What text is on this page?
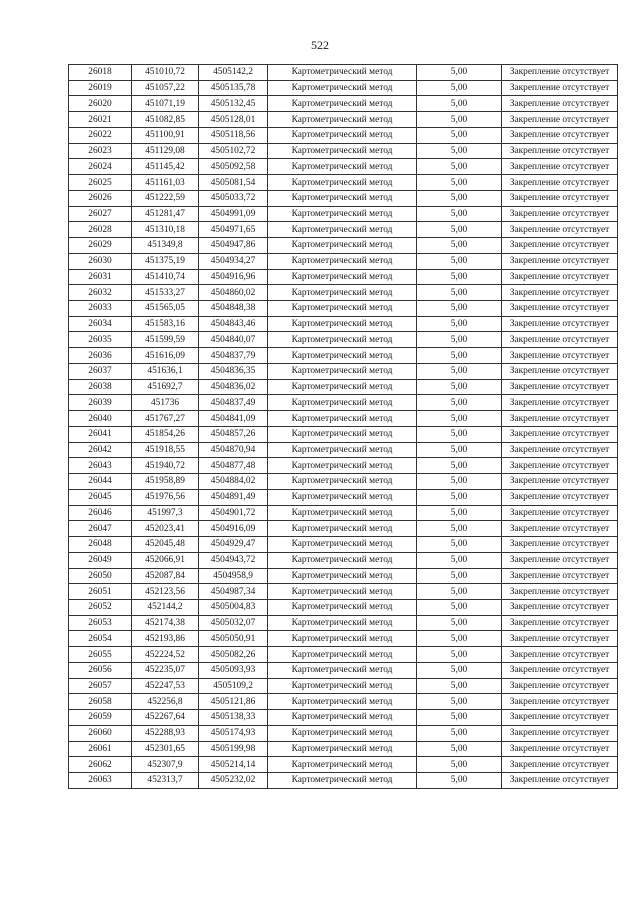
522
26018	451010,72	4505142,2	Картометрический метод	5,00	Закрепление отсутствует
26019	451057,22	4505135,78	Картометрический метод	5,00	Закрепление отсутствует
26020	451071,19	4505132,45	Картометрический метод	5,00	Закрепление отсутствует
26021	451082,85	4505128,01	Картометрический метод	5,00	Закрепление отсутствует
26022	451100,91	4505118,56	Картометрический метод	5,00	Закрепление отсутствует
26023	451129,08	4505102,72	Картометрический метод	5,00	Закрепление отсутствует
26024	451145,42	4505092,58	Картометрический метод	5,00	Закрепление отсутствует
26025	451161,03	4505081,54	Картометрический метод	5,00	Закрепление отсутствует
26026	451222,59	4505033,72	Картометрический метод	5,00	Закрепление отсутствует
26027	451281,47	4504991,09	Картометрический метод	5,00	Закрепление отсутствует
26028	451310,18	4504971,65	Картометрический метод	5,00	Закрепление отсутствует
26029	451349,8	4504947,86	Картометрический метод	5,00	Закрепление отсутствует
26030	451375,19	4504934,27	Картометрический метод	5,00	Закрепление отсутствует
26031	451410,74	4504916,96	Картометрический метод	5,00	Закрепление отсутствует
26032	451533,27	4504860,02	Картометрический метод	5,00	Закрепление отсутствует
26033	451565,05	4504848,38	Картометрический метод	5,00	Закрепление отсутствует
26034	451583,16	4504843,46	Картометрический метод	5,00	Закрепление отсутствует
26035	451599,59	4504840,07	Картометрический метод	5,00	Закрепление отсутствует
26036	451616,09	4504837,79	Картометрический метод	5,00	Закрепление отсутствует
26037	451636,1	4504836,35	Картометрический метод	5,00	Закрепление отсутствует
26038	451692,7	4504836,02	Картометрический метод	5,00	Закрепление отсутствует
26039	451736	4504837,49	Картометрический метод	5,00	Закрепление отсутствует
26040	451767,27	4504841,09	Картометрический метод	5,00	Закрепление отсутствует
26041	451854,26	4504857,26	Картометрический метод	5,00	Закрепление отсутствует
26042	451918,55	4504870,94	Картометрический метод	5,00	Закрепление отсутствует
26043	451940,72	4504877,48	Картометрический метод	5,00	Закрепление отсутствует
26044	451958,89	4504884,02	Картометрический метод	5,00	Закрепление отсутствует
26045	451976,56	4504891,49	Картометрический метод	5,00	Закрепление отсутствует
26046	451997,3	4504901,72	Картометрический метод	5,00	Закрепление отсутствует
26047	452023,41	4504916,09	Картометрический метод	5,00	Закрепление отсутствует
26048	452045,48	4504929,47	Картометрический метод	5,00	Закрепление отсутствует
26049	452066,91	4504943,72	Картометрический метод	5,00	Закрепление отсутствует
26050	452087,84	4504958,9	Картометрический метод	5,00	Закрепление отсутствует
26051	452123,56	4504987,34	Картометрический метод	5,00	Закрепление отсутствует
26052	452144,2	4505004,83	Картометрический метод	5,00	Закрепление отсутствует
26053	452174,38	4505032,07	Картометрический метод	5,00	Закрепление отсутствует
26054	452193,86	4505050,91	Картометрический метод	5,00	Закрепление отсутствует
26055	452224,52	4505082,26	Картометрический метод	5,00	Закрепление отсутствует
26056	452235,07	4505093,93	Картометрический метод	5,00	Закрепление отсутствует
26057	452247,53	4505109,2	Картометрический метод	5,00	Закрепление отсутствует
26058	452256,8	4505121,86	Картометрический метод	5,00	Закрепление отсутствует
26059	452267,64	4505138,33	Картометрический метод	5,00	Закрепление отсутствует
26060	452288,93	4505174,93	Картометрический метод	5,00	Закрепление отсутствует
26061	452301,65	4505199,98	Картометрический метод	5,00	Закрепление отсутствует
26062	452307,9	4505214,14	Картометрический метод	5,00	Закрепление отсутствует
26063	452313,7	4505232,02	Картометрический метод	5,00	Закрепление отсутствует
